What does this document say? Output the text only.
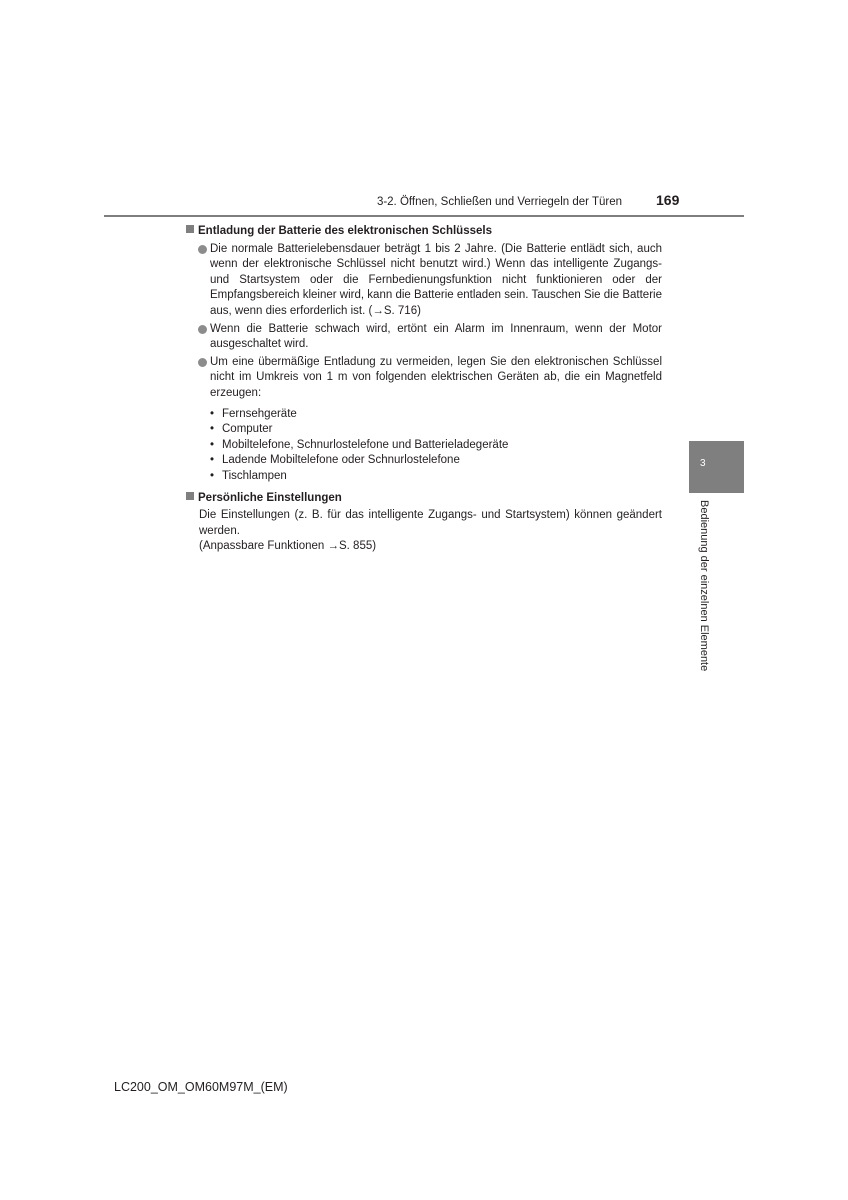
3-2. Öffnen, Schließen und Verriegeln der Türen 169
Entladung der Batterie des elektronischen Schlüssels
Die normale Batterielebensdauer beträgt 1 bis 2 Jahre. (Die Batterie entlädt sich, auch wenn der elektronische Schlüssel nicht benutzt wird.) Wenn das intelligente Zugangs- und Startsystem oder die Fernbedienungsfunktion nicht funktionieren oder der Empfangsbereich kleiner wird, kann die Batterie entladen sein. Tauschen Sie die Batterie aus, wenn dies erforderlich ist. (→S. 716)
Wenn die Batterie schwach wird, ertönt ein Alarm im Innenraum, wenn der Motor ausgeschaltet wird.
Um eine übermäßige Entladung zu vermeiden, legen Sie den elektronischen Schlüssel nicht im Umkreis von 1 m von folgenden elektrischen Geräten ab, die ein Magnetfeld erzeugen:
• Fernsehgeräte
• Computer
• Mobiltelefone, Schnurlostelefone und Batterieladegeräte
• Ladende Mobiltelefone oder Schnurlostelefone
• Tischlampen
Persönliche Einstellungen
Die Einstellungen (z. B. für das intelligente Zugangs- und Startsystem) können geändert werden.
(Anpassbare Funktionen →S. 855)
3
Bedienung der einzelnen Elemente
LC200_OM_OM60M97M_(EM)
